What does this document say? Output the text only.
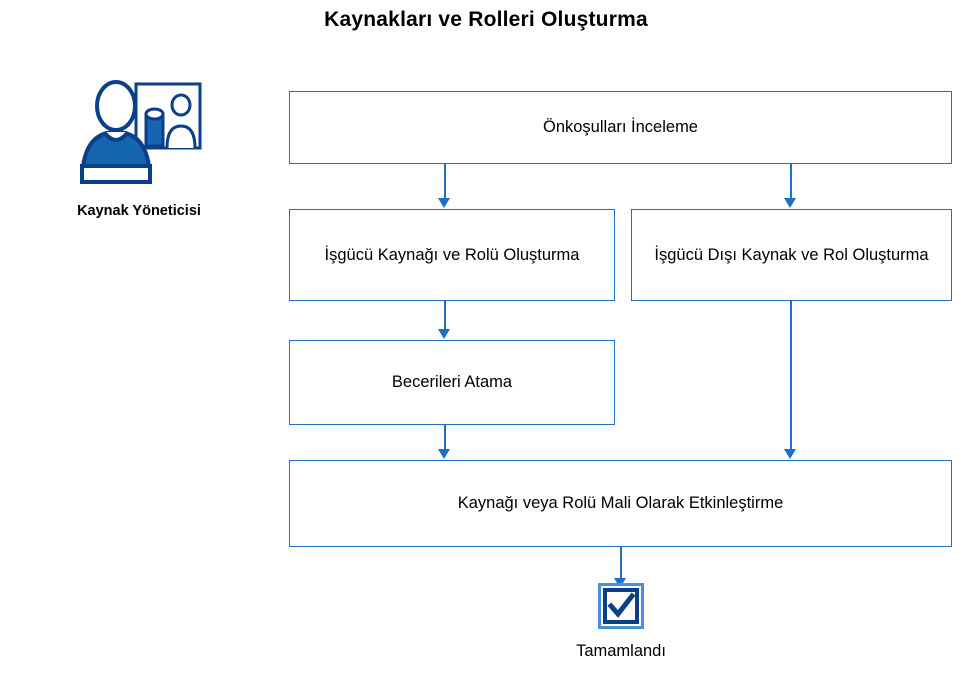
Kaynakları ve Rolleri Oluşturma
Kaynak Yöneticisi
Önkoşulları İnceleme
İşgücü Kaynağı ve Rolü Oluşturma	İşgücü Dışı Kaynak ve Rol Oluşturma
Becerileri Atama
Kaynağı veya Rolü Mali Olarak Etkinleştirme
Tamamlandı
